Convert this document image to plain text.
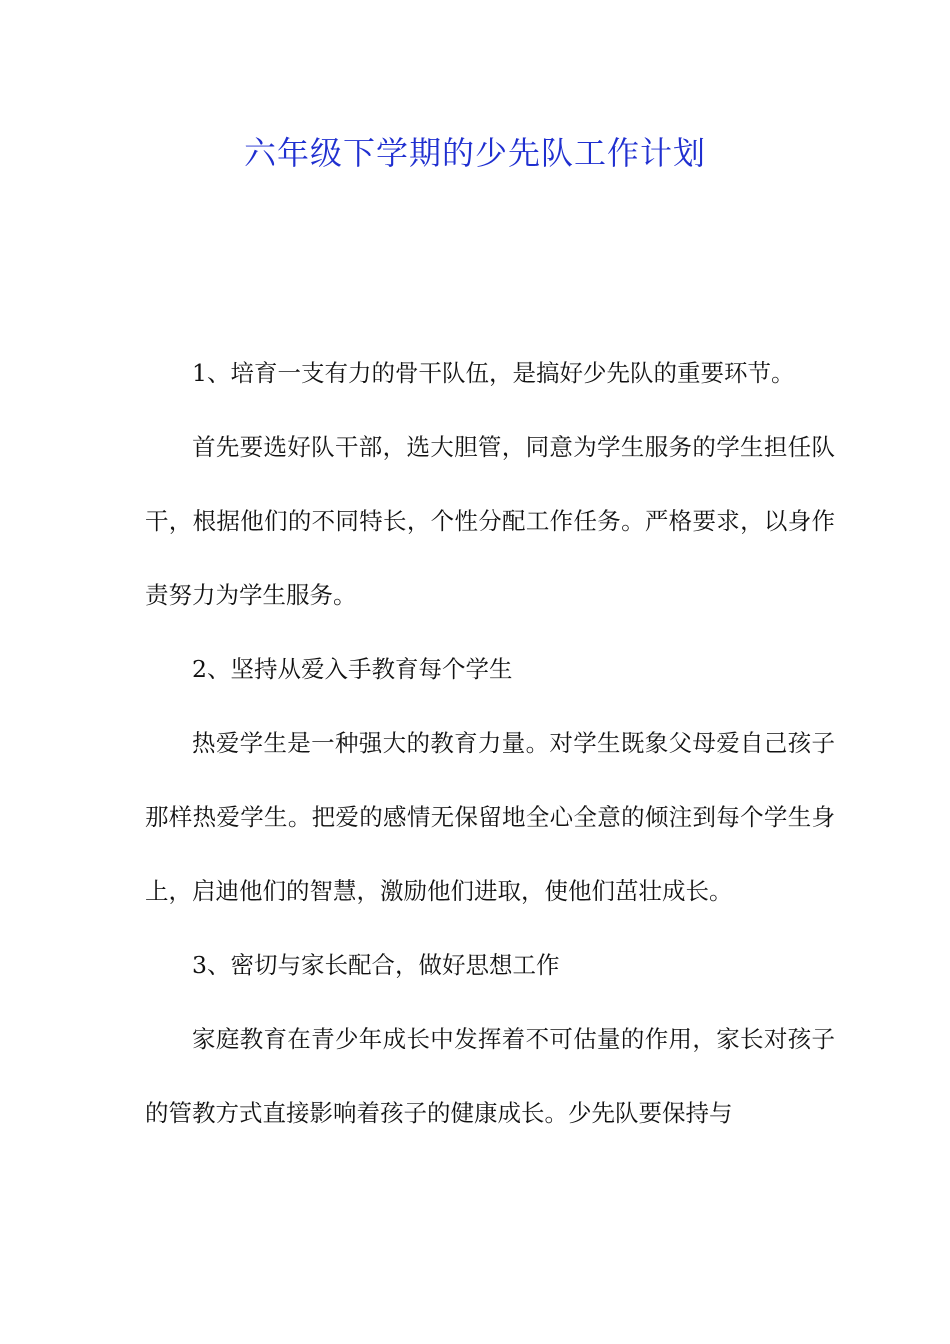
六年级下学期的少先队工作计划

1、培育一支有力的骨干队伍，是搞好少先队的重要环节。

首先要选好队干部，选大胆管，同意为学生服务的学生担任队干，根据他们的不同特长，个性分配工作任务。严格要求，以身作责努力为学生服务。

2、坚持从爱入手教育每个学生

热爱学生是一种强大的教育力量。对学生既象父母爱自己孩子那样热爱学生。把爱的感情无保留地全心全意的倾注到每个学生身上，启迪他们的智慧，激励他们进取，使他们茁壮成长。

3、密切与家长配合，做好思想工作

家庭教育在青少年成长中发挥着不可估量的作用，家长对孩子的管教方式直接影响着孩子的健康成长。少先队要保持与
